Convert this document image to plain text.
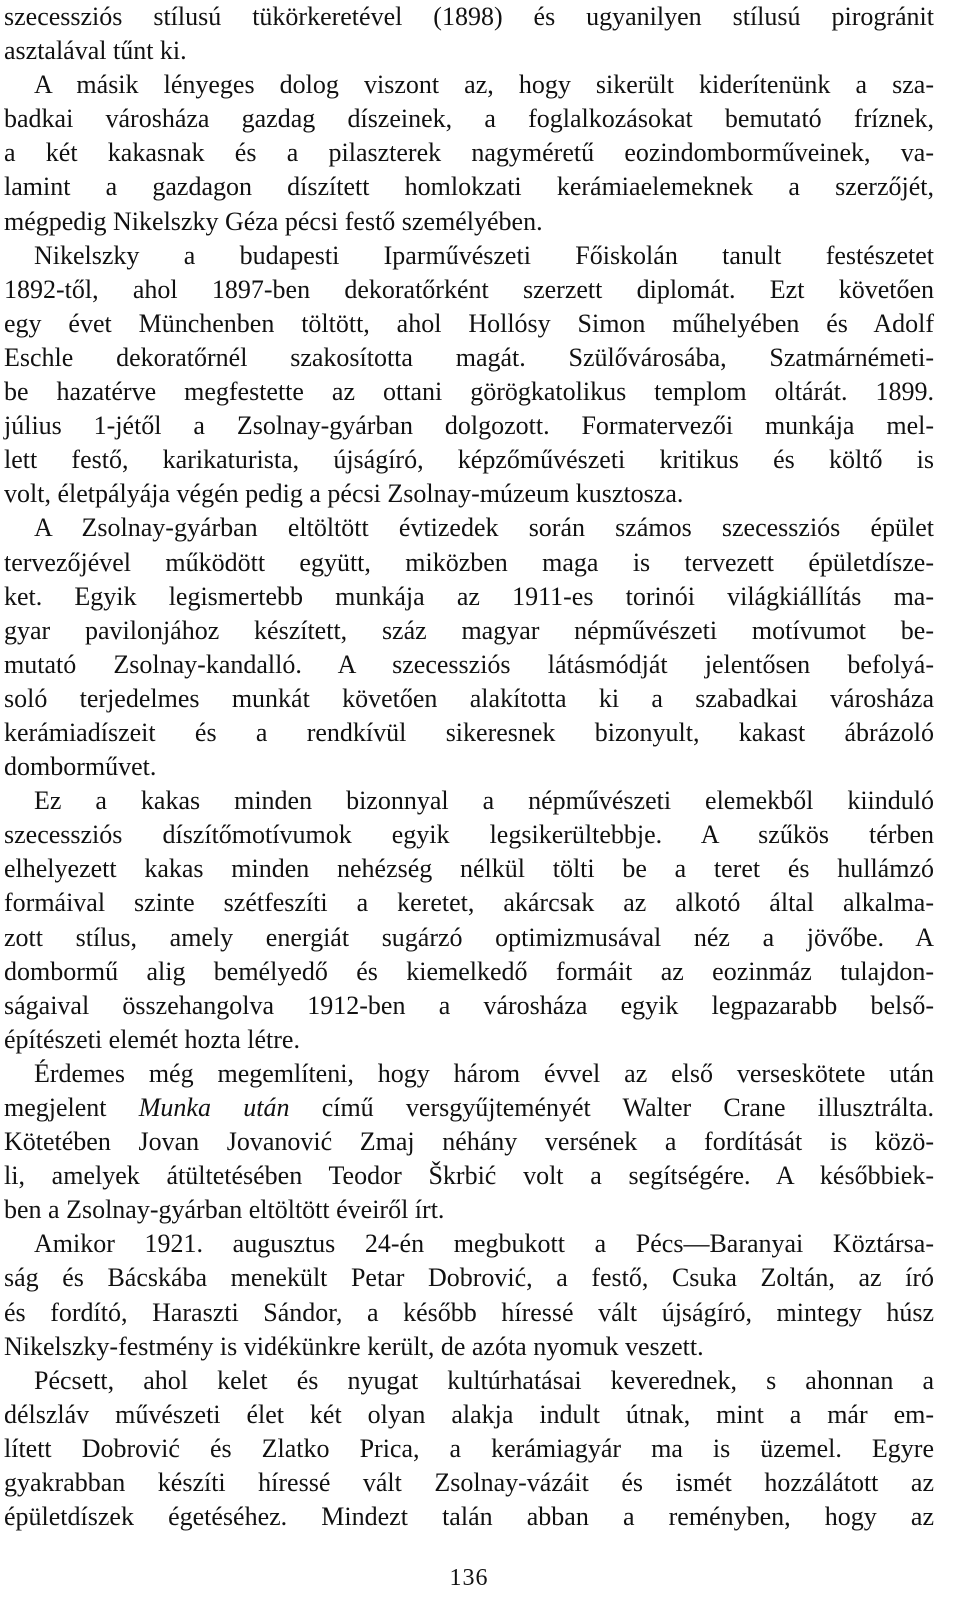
szecessziós stílusú tükörkeretével (1898) és ugyanilyen stílusú pirogránit
asztalával tűnt ki.

A másik lényeges dolog viszont az, hogy sikerült kiderítenünk a sza-
badkai városháza gazdag díszeinek, a foglalkozásokat bemutató fríznek,
a két kakasnak és a pilaszterek nagyméretű eozindomborműveinek, va-
lamint a gazdagon díszített homlokzati kerámiaelemeknek a szerzőjét,
mégpedig Nikelszky Géza pécsi festő személyében.

Nikelszky a budapesti Iparművészeti Főiskolán tanult festészetet
1892-től, ahol 1897-ben dekoratőrként szerzett diplomát. Ezt követően
egy évet Münchenben töltött, ahol Hollósy Simon műhelyében és Adolf
Eschle dekoratőrnél szakosította magát. Szülővárosába, Szatmárnémeti-
be hazatérve megfestette az ottani görögkatolikus templom oltárát. 1899.
július 1-jétől a Zsolnay-gyárban dolgozott. Formatervezői munkája mel-
lett festő, karikaturista, újságíró, képzőművészeti kritikus és költő is
volt, életpályája végén pedig a pécsi Zsolnay-múzeum kusztosza.

A Zsolnay-gyárban eltöltött évtizedek során számos szecessziós épület
tervezőjével működött együtt, miközben maga is tervezett épületdísze-
ket. Egyik legismertebb munkája az 1911-es torinói világkiállítás ma-
gyar pavilonjához készített, száz magyar népművészeti motívumot be-
mutató Zsolnay-kandalló. A szecessziós látásmódját jelentősen befolyá-
soló terjedelmes munkát követően alakította ki a szabadkai városháza
kerámiadíszeit és a rendkívül sikeresnek bizonyult, kakast ábrázoló
domborművet.

Ez a kakas minden bizonnyal a népművészeti elemekből kiinduló
szecessziós díszítőmotívumok egyik legsikerültebbje. A szűkös térben
elhelyezett kakas minden nehézség nélkül tölti be a teret és hullámzó
formáival szinte szétfeszíti a keretet, akárcsak az alkotó által alkalma-
zott stílus, amely energiát sugárzó optimizmusával néz a jövőbe. A
dombormű alig bemélyedő és kiemelkedő formáit az eozinmáz tulajdon-
ságaival összehangolva 1912-ben a városháza egyik legpazarabb belső-
építészeti elemét hozta létre.

Érdemes még megemlíteni, hogy három évvel az első verseskötete után
megjelent Munka után című versgyűjteményét Walter Crane illusztrálta.
Kötetében Jovan Jovanović Zmaj néhány versének a fordítását is közö-
li, amelyek átültetésében Teodor Škrbić volt a segítségére. A későbbiek-
ben a Zsolnay-gyárban eltöltött éveiről írt.

Amikor 1921. augusztus 24-én megbukott a Pécs—Baranyai Köztársa-
ság és Bácskába menekült Petar Dobrović, a festő, Csuka Zoltán, az író
és fordító, Haraszti Sándor, a később híressé vált újságíró, mintegy húsz
Nikelszky-festmény is vidékünkre került, de azóta nyomuk veszett.

Pécsett, ahol kelet és nyugat kultúrhatásai keverednek, s ahonnan a
délszláv művészeti élet két olyan alakja indult útnak, mint a már em-
lített Dobrović és Zlatko Prica, a kerámiagyár ma is üzemel. Egyre
gyakrabban készíti híressé vált Zsolnay-vázáit és ismét hozzálátott az
épületdíszek égetéséhez. Mindezt talán abban a reményben, hogy az

136
